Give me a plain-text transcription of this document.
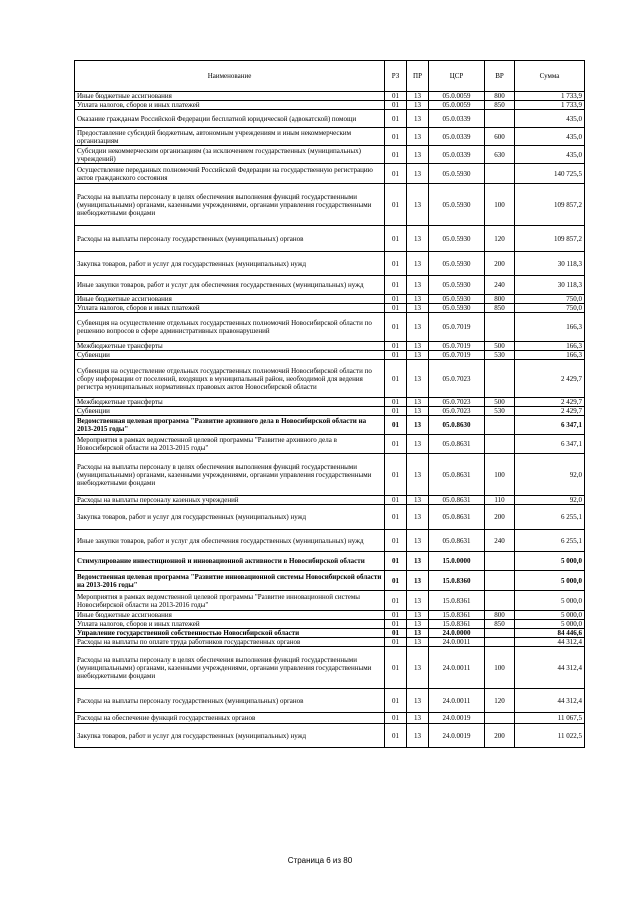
Наименование	РЗ	ПР	ЦСР	ВР	Сумма
Иные бюджетные ассигнования	01	13	05.0.0059	800	1 733,9
Уплата налогов, сборов и иных платежей	01	13	05.0.0059	850	1 733,9
Оказание гражданам Российской Федерации бесплатной юридической (адвокатской) помощи	01	13	05.0.0339		435,0
Предоставление субсидий бюджетным, автономным учреждениям и иным некоммерческим организациям	01	13	05.0.0339	600	435,0
Субсидии некоммерческим организациям (за исключением государственных (муниципальных) учреждений)	01	13	05.0.0339	630	435,0
Осуществление переданных полномочий Российской Федерации на государственную регистрацию актов гражданского состояния	01	13	05.0.5930		140 725,5
Расходы на выплаты персоналу в целях обеспечения выполнения функций государственными (муниципальными) органами, казенными учреждениями, органами управления государственными внебюджетными фондами	01	13	05.0.5930	100	109 857,2
Расходы на выплаты персоналу государственных (муниципальных) органов	01	13	05.0.5930	120	109 857,2
Закупка товаров, работ и услуг для государственных (муниципальных) нужд	01	13	05.0.5930	200	30 118,3
Иные закупки товаров, работ и услуг для обеспечения государственных (муниципальных) нужд	01	13	05.0.5930	240	30 118,3
Иные бюджетные ассигнования	01	13	05.0.5930	800	750,0
Уплата налогов, сборов и иных платежей	01	13	05.0.5930	850	750,0
Субвенция на осуществление отдельных государственных полномочий Новосибирской области по решению вопросов в сфере административных правонарушений	01	13	05.0.7019		166,3
Межбюджетные трансферты	01	13	05.0.7019	500	166,3
Субвенции	01	13	05.0.7019	530	166,3
Субвенция на осуществление отдельных государственных полномочий Новосибирской области по сбору информации от поселений, входящих в муниципальный район, необходимой для ведения регистра муниципальных нормативных правовых актов Новосибирской области	01	13	05.0.7023		2 429,7
Межбюджетные трансферты	01	13	05.0.7023	500	2 429,7
Субвенции	01	13	05.0.7023	530	2 429,7
Ведомственная целевая программа "Развитие архивного дела в Новосибирской области на 2013-2015 годы"	01	13	05.0.8630		6 347,1
Мероприятия в рамках ведомственной целевой программы "Развитие архивного дела в Новосибирской области на 2013-2015 годы"	01	13	05.0.8631		6 347,1
Расходы на выплаты персоналу в целях обеспечения выполнения функций государственными (муниципальными) органами, казенными учреждениями, органами управления государственными внебюджетными фондами	01	13	05.0.8631	100	92,0
Расходы на выплаты персоналу казенных учреждений	01	13	05.0.8631	110	92,0
Закупка товаров, работ и услуг для государственных (муниципальных) нужд	01	13	05.0.8631	200	6 255,1
Иные закупки товаров, работ и услуг для обеспечения государственных (муниципальных) нужд	01	13	05.0.8631	240	6 255,1
Стимулирование инвестиционной и инновационной активности в Новосибирской области	01	13	15.0.0000		5 000,0
Ведомственная целевая программа "Развитие инновационной системы Новосибирской области на 2013-2016 годы"	01	13	15.0.8360		5 000,0
Мероприятия в рамках ведомственной целевой программы "Развитие инновационной системы Новосибирской области на 2013-2016 годы"	01	13	15.0.8361		5 000,0
Иные бюджетные ассигнования	01	13	15.0.8361	800	5 000,0
Уплата налогов, сборов и иных платежей	01	13	15.0.8361	850	5 000,0
Управление государственной собственностью Новосибирской области	01	13	24.0.0000		84 446,6
Расходы на выплаты по оплате труда работников государственных органов	01	13	24.0.0011		44 312,4
Расходы на выплаты персоналу в целях обеспечения выполнения функций государственными (муниципальными) органами, казенными учреждениями, органами управления государственными внебюджетными фондами	01	13	24.0.0011	100	44 312,4
Расходы на выплаты персоналу государственных (муниципальных) органов	01	13	24.0.0011	120	44 312,4
Расходы на обеспечение функций государственных органов	01	13	24.0.0019		11 067,5
Закупка товаров, работ и услуг для государственных (муниципальных) нужд	01	13	24.0.0019	200	11 022,5
Страница 6 из 80
